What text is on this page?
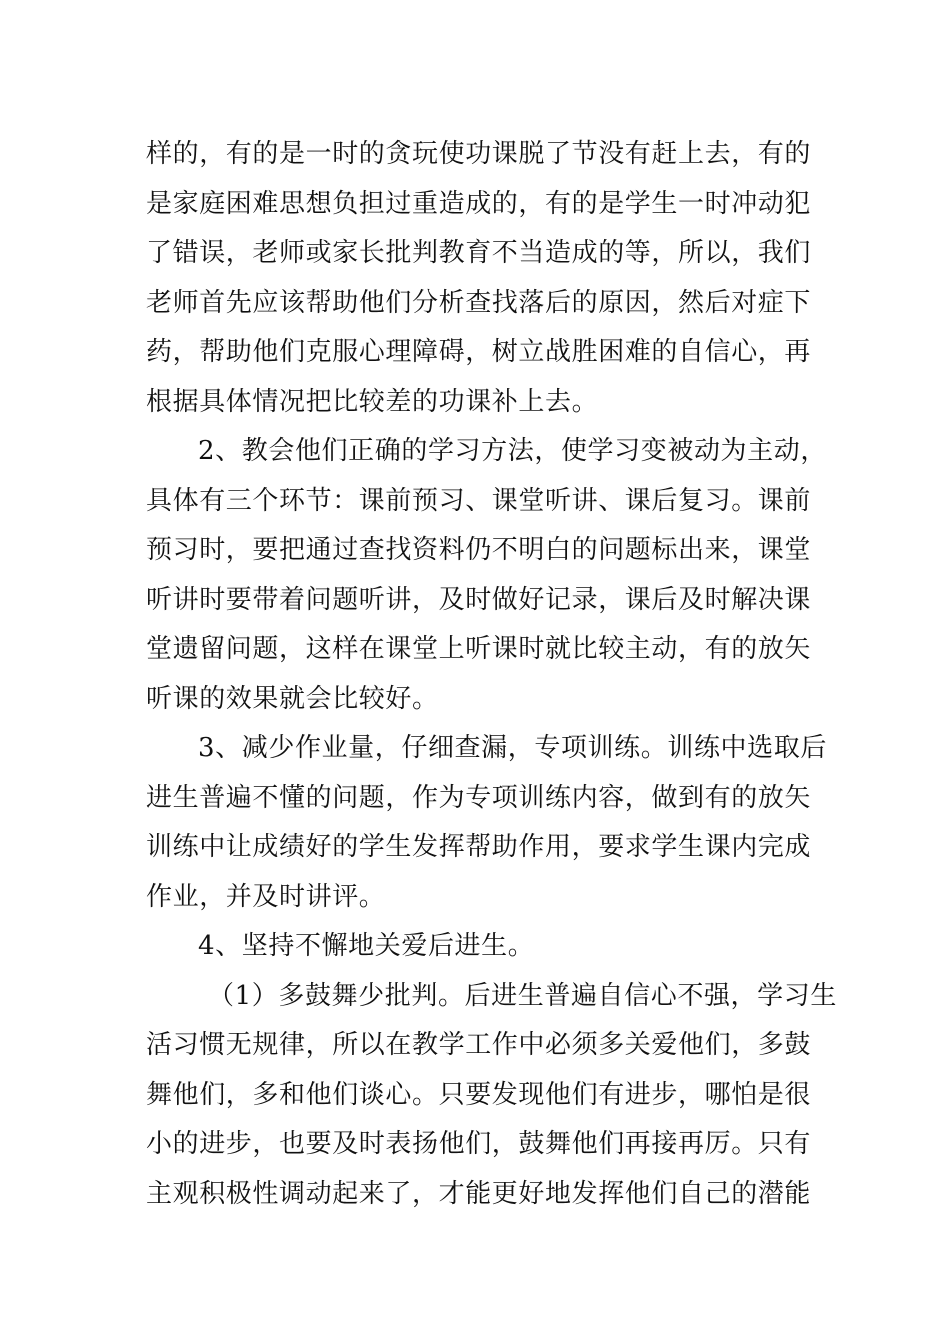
样的，有的是一时的贪玩使功课脱了节没有赶上去，有的
是家庭困难思想负担过重造成的，有的是学生一时冲动犯
了错误，老师或家长批判教育不当造成的等，所以，我们
老师首先应该帮助他们分析查找落后的原因，然后对症下
药，帮助他们克服心理障碍，树立战胜困难的自信心，再
根据具体情况把比较差的功课补上去。
2、教会他们正确的学习方法，使学习变被动为主动，
具体有三个环节：课前预习、课堂听讲、课后复习。课前
预习时，要把通过查找资料仍不明白的问题标出来，课堂
听讲时要带着问题听讲，及时做好记录，课后及时解决课
堂遗留问题，这样在课堂上听课时就比较主动，有的放矢
听课的效果就会比较好。
3、减少作业量，仔细查漏，专项训练。训练中选取后
进生普遍不懂的问题，作为专项训练内容，做到有的放矢
训练中让成绩好的学生发挥帮助作用，要求学生课内完成
作业，并及时讲评。
4、坚持不懈地关爱后进生。
（1）多鼓舞少批判。后进生普遍自信心不强，学习生
活习惯无规律，所以在教学工作中必须多关爱他们，多鼓
舞他们，多和他们谈心。只要发现他们有进步，哪怕是很
小的进步，也要及时表扬他们，鼓舞他们再接再厉。只有
主观积极性调动起来了，才能更好地发挥他们自己的潜能
